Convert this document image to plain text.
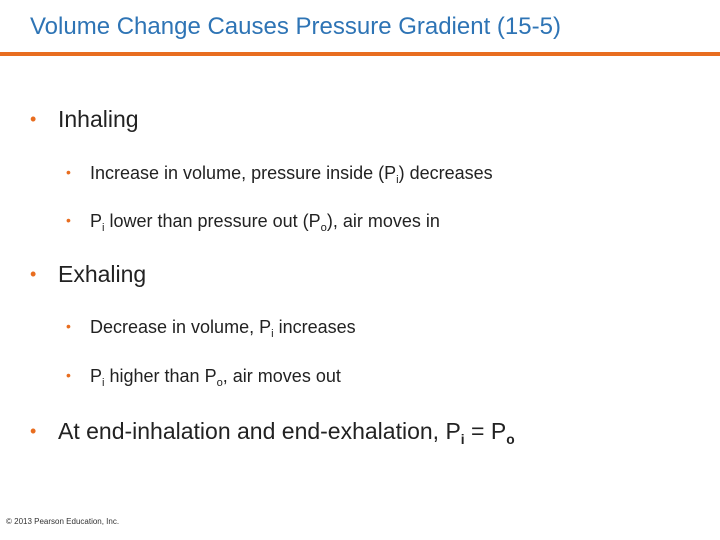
Volume Change Causes Pressure Gradient (15-5)
• Inhaling
• Increase in volume, pressure inside $(P_i)$ decreases
• $P_i$ lower than pressure out $(P_o)$, air moves in
• Exhaling
• Decrease in volume, $P_i$ increases
• $P_i$ higher than $P_o$, air moves out
• At end-inhalation and end-exhalation, $P_i = P_o$
© 2013 Pearson Education, Inc.
